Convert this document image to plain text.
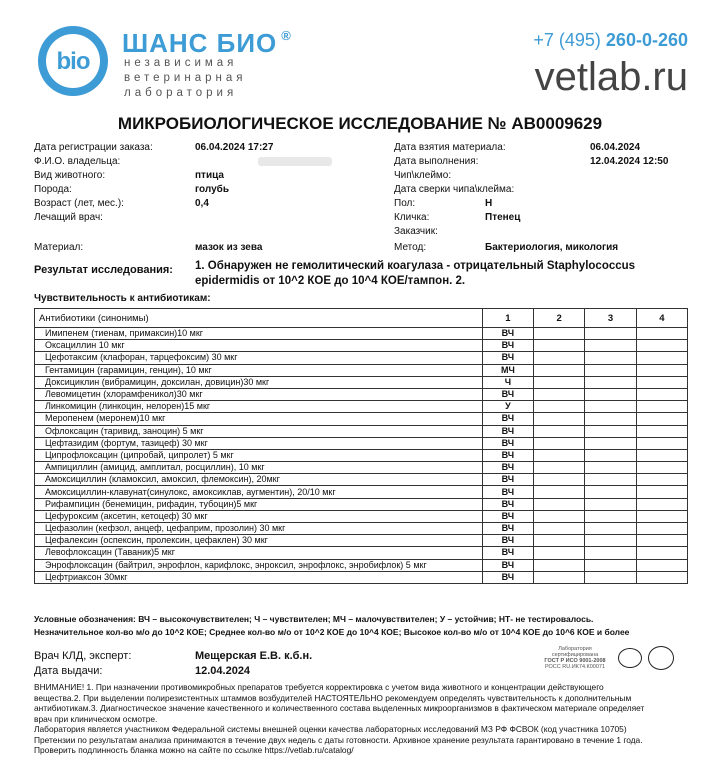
bio
ШАНС БИО ®
независимая
ветеринарная
лаборатория
+7 (495) 260-0-260
vetlab.ru
МИКРОБИОЛОГИЧЕСКОЕ ИССЛЕДОВАНИЕ № АВ0009629
Дата регистрации заказа:	06.04.2024 17:27
Ф.И.О. владельца:
Вид животного:	птица
Порода:	голубь
Возраст (лет, мес.):	0,4
Лечащий врач:
Дата взятия материала:	06.04.2024
Дата выполнения:	12.04.2024 12:50
Чип\клеймо:
Дата сверки чипа\клейма:
Пол:	Н
Кличка:	Птенец
Заказчик:
Материал:	мазок из зева	Метод:	Бактериология, микология
Результат исследования: 1. Обнаружен не гемолитический коагулаза - отрицательный Staphylococcus
epidermidis от 10^2 КОЕ до 10^4 КОЕ/тампон. 2.
Чувствительность к антибиотикам:
Антибиотики (синонимы)	1	2	3	4
Имипенем (тиенам, примаксин)10 мкг	ВЧ			
Оксациллин 10 мкг	ВЧ			
Цефотаксим (клафоран, тарцефоксим) 30 мкг	ВЧ			
Гентамицин (гарамицин, генцин), 10 мкг	МЧ			
Доксициклин (вибрамицин, доксилан, довицин)30 мкг	Ч			
Левомицетин (хлорамфеникол)30 мкг	ВЧ			
Линкомицин (линкоцин, нелорен)15 мкг	У			
Меропенем (меронем)10 мкг	ВЧ			
Офлоксацин (таривид, заноцин) 5 мкг	ВЧ			
Цефтазидим (фортум, тазицеф) 30 мкг	ВЧ			
Ципрофлоксацин (ципробай, ципролет) 5 мкг	ВЧ			
Ампициллин (амицид, амплитал, росциллин), 10 мкг	ВЧ			
Амоксициллин (кламоксил, амоксил, флемоксин), 20мкг	ВЧ			
Амоксициллин-клавунат(синулокс, амоксиклав, аугментин), 20/10 мкг	ВЧ			
Рифампицин (бенемицин, рифадин, тубоцин)5 мкг	ВЧ			
Цефуроксим (аксетин, кетоцеф) 30 мкг	ВЧ			
Цефазолин (кефзол, анцеф, цефаприм, прозолин) 30 мкг	ВЧ			
Цефалексин (оспексин, пролексин, цефаклен) 30 мкг	ВЧ			
Левофлоксацин (Таваник)5 мкг	ВЧ			
Энрофлоксацин (байтрил, энрофлон, карифлокс, энроксил, энрофлокс, энробифлок) 5 мкг	ВЧ			
Цефтриаксон 30мкг	ВЧ			
Условные обозначения: ВЧ – высокочувствителен; Ч – чувствителен; МЧ – малочувствителен; У – устойчив; НТ- не тестировалось.
Незначительное кол-во м/о до 10^2 КОЕ; Среднее кол-во м/о от 10^2 КОЕ до 10^4 КОЕ; Высокое кол-во м/о от 10^4 КОЕ до 10^6 КОЕ и более
Врач КЛД, эксперт:	Мещерская Е.В. к.б.н.
Дата выдачи:	12.04.2024
Лаборатория сертифицирована
ГОСТ Р ИСО 9001-2008
РОСС RU.ИК74.К00071
ВНИМАНИЕ! 1. При назначении противомикробных препаратов требуется корректировка с учетом вида животного и концентрации действующего
вещества.2. При выделении полирезистентных штаммов возбудителей НАСТОЯТЕЛЬНО рекомендуем определять чувствительность к дополнительным
антибиотикам.3. Диагностическое значение качественного и количественного состава выделенных микроорганизмов в фактическом материале определяет
врач при клиническом осмотре.
Лаборатория является участником Федеральной системы внешней оценки качества лабораторных исследований МЗ РФ ФСВОК (код участника 10705)
Претензии по результатам анализа принимаются в течение двух недель с даты готовности. Архивное хранение результата гарантировано в течение 1 года.
Проверить подлинность бланка можно на сайте по ссылке https://vetlab.ru/catalog/
